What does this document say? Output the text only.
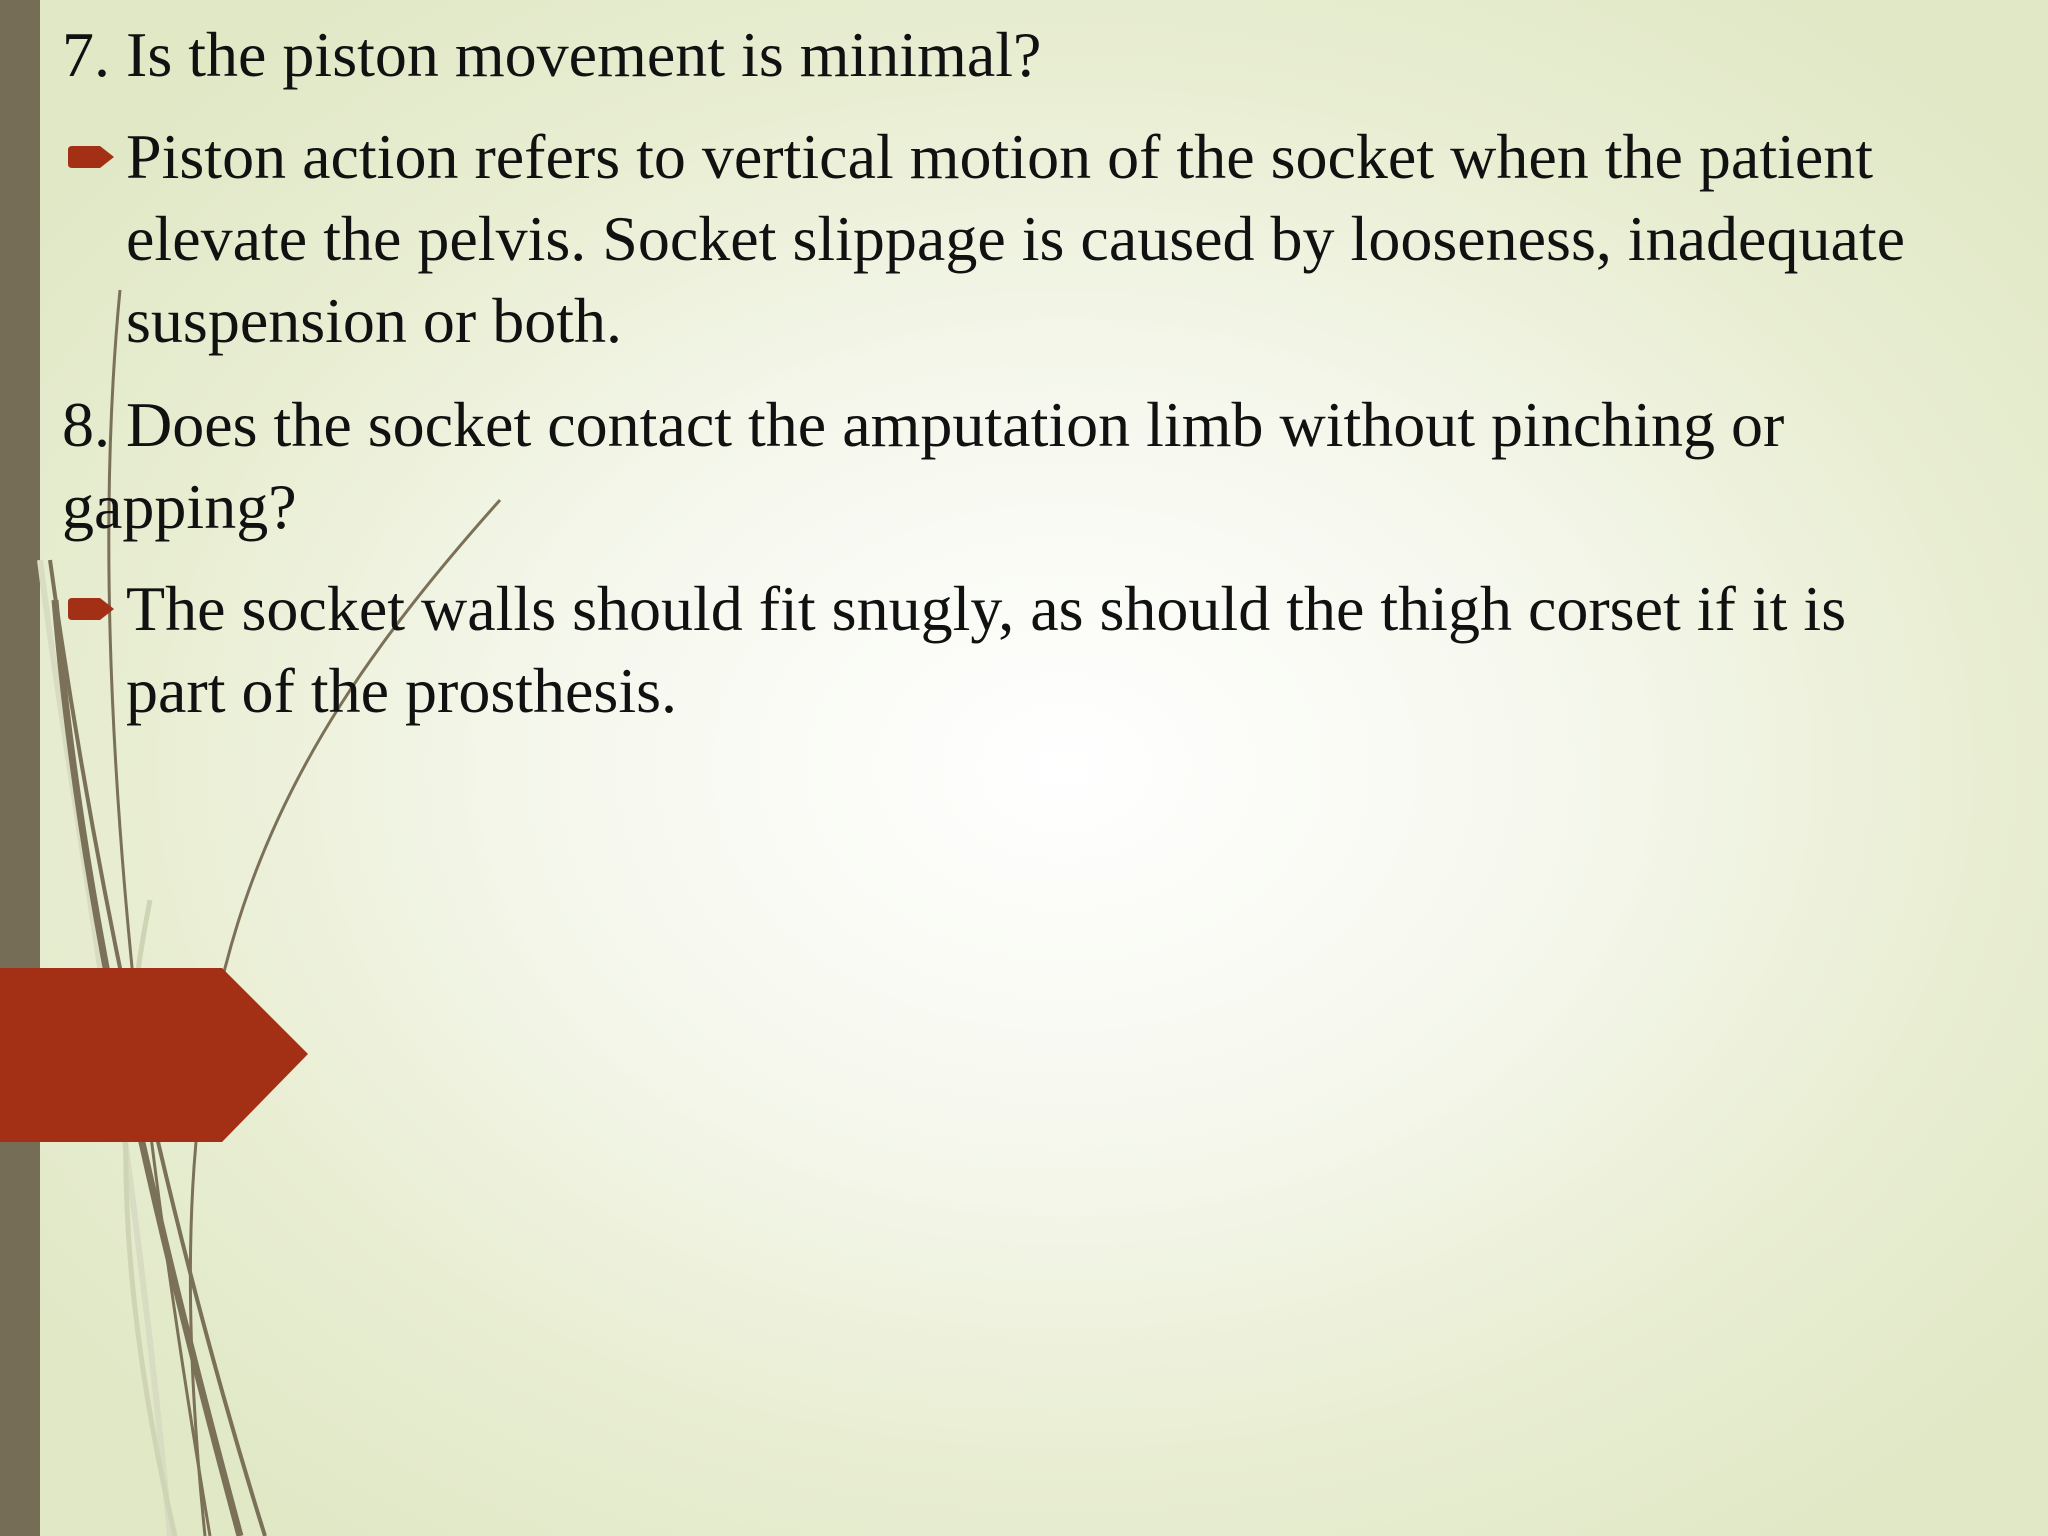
7. Is the piston movement is minimal?
Piston action refers to vertical motion of the socket when the patient
elevate the pelvis. Socket slippage is caused by looseness, inadequate
suspension or both.
8. Does the socket contact the amputation limb without pinching or
gapping?
The socket walls should fit snugly, as should the thigh corset if it is
part of the prosthesis.
